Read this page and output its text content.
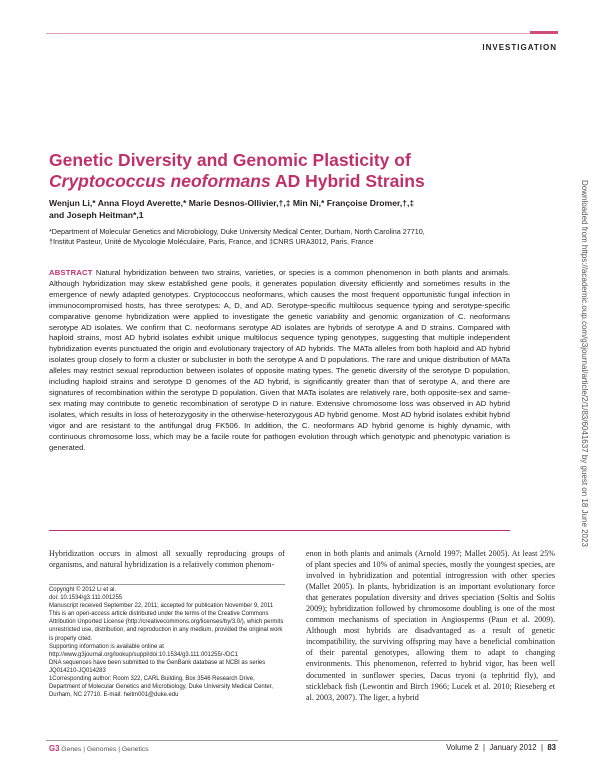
INVESTIGATION
Genetic Diversity and Genomic Plasticity of
Cryptococcus neoformans AD Hybrid Strains
Wenjun Li,* Anna Floyd Averette,* Marie Desnos-Ollivier,†,‡ Min Ni,* Françoise Dromer,†,‡
and Joseph Heitman*,1
*Department of Molecular Genetics and Microbiology, Duke University Medical Center, Durham, North Carolina 27710,
†Institut Pasteur, Unité de Mycologie Moléculaire, Paris, France, and ‡CNRS URA3012, Paris, France
ABSTRACT Natural hybridization between two strains, varieties, or species is a common phenomenon in both plants and animals. Although hybridization may skew established gene pools, it generates population diversity efficiently and sometimes results in the emergence of newly adapted genotypes. Cryptococcus neoformans, which causes the most frequent opportunistic fungal infection in immunocompromised hosts, has three serotypes: A, D, and AD. Serotype-specific multilocus sequence typing and serotype-specific comparative genome hybridization were applied to investigate the genetic variability and genomic organization of C. neoformans serotype AD isolates. We confirm that C. neoformans serotype AD isolates are hybrids of serotype A and D strains. Compared with haploid strains, most AD hybrid isolates exhibit unique multilocus sequence typing genotypes, suggesting that multiple independent hybridization events punctuated the origin and evolutionary trajectory of AD hybrids. The MATa alleles from both haploid and AD hybrid isolates group closely to form a cluster or subcluster in both the serotype A and D populations. The rare and unique distribution of MATa alleles may restrict sexual reproduction between isolates of opposite mating types. The genetic diversity of the serotype D population, including haploid strains and serotype D genomes of the AD hybrid, is significantly greater than that of serotype A, and there are signatures of recombination within the serotype D population. Given that MATa isolates are relatively rare, both opposite-sex and same-sex mating may contribute to genetic recombination of serotype D in nature. Extensive chromosome loss was observed in AD hybrid isolates, which results in loss of heterozygosity in the otherwise-heterozygous AD hybrid genome. Most AD hybrid isolates exhibit hybrid vigor and are resistant to the antifungal drug FK506. In addition, the C. neoformans AD hybrid genome is highly dynamic, with continuous chromosome loss, which may be a facile route for pathogen evolution through which genotypic and phenotypic variation is generated.
Hybridization occurs in almost all sexually reproducing groups of organisms, and natural hybridization is a relatively common phenom-
enon in both plants and animals (Arnold 1997; Mallet 2005). At least 25% of plant species and 10% of animal species, mostly the youngest species, are involved in hybridization and potential introgression with other species (Mallet 2005). In plants, hybridization is an important evolutionary force that generates population diversity and drives speciation (Soltis and Soltis 2009); hybridization followed by chromosome doubling is one of the most common mechanisms of speciation in Angiosperms (Paun et al. 2009). Although most hybrids are disadvantaged as a result of genetic incompatibility, the surviving offspring may have a beneficial combination of their parental genotypes, allowing them to adapt to changing environments. This phenomenon, referred to hybrid vigor, has been well documented in sunflower species, Dacus tryoni (a tephritid fly), and stickleback fish (Lewontin and Birch 1966; Lucek et al. 2010; Rieseberg et al. 2003, 2007). The liger, a hybrid
Copyright © 2012 Li et al.
doi: 10.1534/g3.111.001255
Manuscript received September 22, 2011; accepted for publication November 9, 2011
This is an open-access article distributed under the terms of the Creative Commons Attribution Unported License (http://creativecommons.org/licenses/by/3.0/), which permits unrestricted use, distribution, and reproduction in any medium, provided the original work is properly cited.
Supporting information is available online at http://www.g3journal.org/lookup/suppl/doi:10.1534/g3.111.001255/-/DC1
DNA sequences have been submitted to the GenBank database at NCBI as series JQ014210-JQ014283
1Corresponding author: Room 322, CARL Building, Box 3546 Research Drive, Department of Molecular Genetics and Microbiology, Duke University Medical Center, Durham, NC 27710. E-mail: heitm001@duke.edu
G3 Genes | Genomes | Genetics	Volume 2  |  January 2012  |  83
Downloaded from https://academic.oup.com/g3journal/article/2/1/83/6041637 by guest on 18 June 2023
